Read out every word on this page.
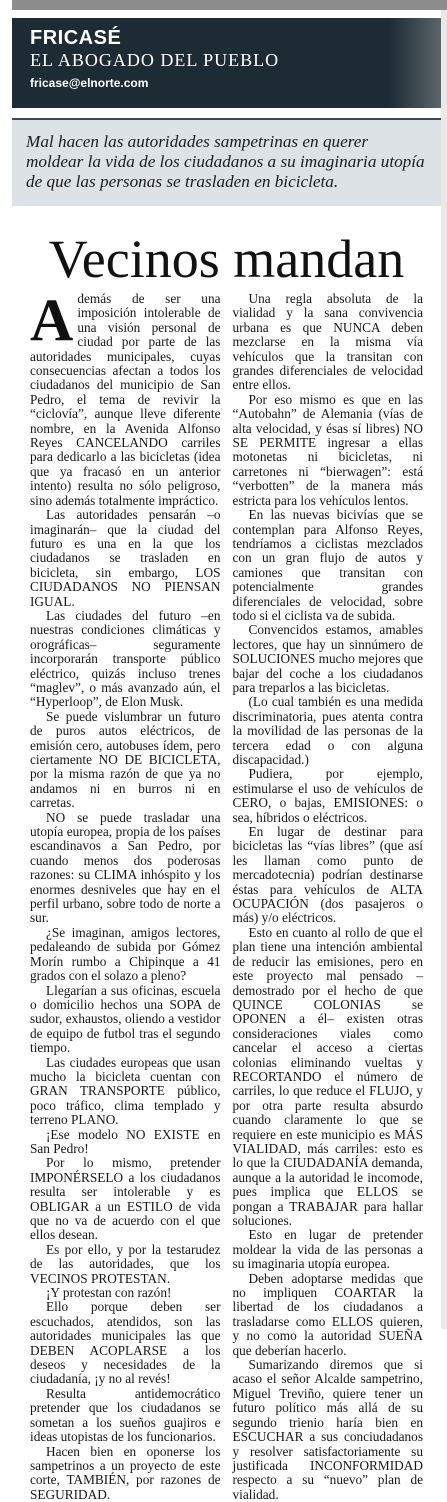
FRICASÉ
EL ABOGADO DEL PUEBLO
fricase@elnorte.com

Mal hacen las autoridades sampetrinas en querer moldear la vida de los ciudadanos a su imaginaria utopía de que las personas se trasladen en bicicleta.

Vecinos mandan

Además de ser una imposición intolerable de una visión personal de ciudad por parte de las autoridades municipales, cuyas consecuencias afectan a todos los ciudadanos del municipio de San Pedro, el tema de revivir la “ciclovía”, aunque lleve diferente nombre, en la Avenida Alfonso Reyes CANCELANDO carriles para dedicarlo a las bicicletas (idea que ya fracasó en un anterior intento) resulta no sólo peligroso, sino además totalmente impráctico.

Las autoridades pensarán –o imaginarán– que la ciudad del futuro es una en la que los ciudadanos se trasladen en bicicleta, sin embargo, LOS CIUDADANOS NO PIENSAN IGUAL.

Las ciudades del futuro –en nuestras condiciones climáticas y orográficas– seguramente incorporarán transporte público eléctrico, quizás incluso trenes “maglev”, o más avanzado aún, el “Hyperloop”, de Elon Musk.

Se puede vislumbrar un futuro de puros autos eléctricos, de emisión cero, autobuses ídem, pero ciertamente NO DE BICICLETA, por la misma razón de que ya no andamos ni en burros ni en carretas.

NO se puede trasladar una utopía europea, propia de los países escandinavos a San Pedro, por cuando menos dos poderosas razones: su CLIMA inhóspito y los enormes desniveles que hay en el perfil urbano, sobre todo de norte a sur.

¿Se imaginan, amigos lectores, pedaleando de subida por Gómez Morín rumbo a Chipinque a 41 grados con el solazo a pleno?

Llegarían a sus oficinas, escuela o domicilio hechos una SOPA de sudor, exhaustos, oliendo a vestidor de equipo de futbol tras el segundo tiempo.

Las ciudades europeas que usan mucho la bicicleta cuentan con GRAN TRANSPORTE público, poco tráfico, clima templado y terreno PLANO.

¡Ese modelo NO EXISTE en San Pedro!

Por lo mismo, pretender IMPONÉRSELO a los ciudadanos resulta ser intolerable y es OBLIGAR a un ESTILO de vida que no va de acuerdo con el que ellos desean.

Es por ello, y por la testarudez de las autoridades, que los VECINOS PROTESTAN.

¡Y protestan con razón!

Ello porque deben ser escuchados, atendidos, son las autoridades municipales las que DEBEN ACOPLARSE a los deseos y necesidades de la ciudadanía, ¡y no al revés!

Resulta antidemocrático pretender que los ciudadanos se sometan a los sueños guajiros e ideas utopistas de los funcionarios.

Hacen bien en oponerse los sampetrinos a un proyecto de este corte, TAMBIÉN, por razones de SEGURIDAD.

Una regla absoluta de la vialidad y la sana convivencia urbana es que NUNCA deben mezclarse en la misma vía vehículos que la transitan con grandes diferenciales de velocidad entre ellos.

Por eso mismo es que en las “Autobahn” de Alemania (vías de alta velocidad, y ésas sí libres) NO SE PERMITE ingresar a ellas motonetas ni bicicletas, ni carretones ni “bierwagen”: está “verbotten” de la manera más estricta para los vehículos lentos.

En las nuevas bicivías que se contemplan para Alfonso Reyes, tendríamos a ciclistas mezclados con un gran flujo de autos y camiones que transitan con potencialmente grandes diferenciales de velocidad, sobre todo si el ciclista va de subida.

Convencidos estamos, amables lectores, que hay un sinnúmero de SOLUCIONES mucho mejores que bajar del coche a los ciudadanos para treparlos a las bicicletas.

(Lo cual también es una medida discriminatoria, pues atenta contra la movilidad de las personas de la tercera edad o con alguna discapacidad.)

Pudiera, por ejemplo, estimularse el uso de vehículos de CERO, o bajas, EMISIONES: o sea, híbridos o eléctricos.

En lugar de destinar para bicicletas las “vías libres” (que así les llaman como punto de mercadotecnia) podrían destinarse éstas para vehículos de ALTA OCUPACIÓN (dos pasajeros o más) y/o eléctricos.

Esto en cuanto al rollo de que el plan tiene una intención ambiental de reducir las emisiones, pero en este proyecto mal pensado –demostrado por el hecho de que QUINCE COLONIAS se OPONEN a él– existen otras consideraciones viales como cancelar el acceso a ciertas colonias eliminando vueltas y RECORTANDO el número de carriles, lo que reduce el FLUJO, y por otra parte resulta absurdo cuando claramente lo que se requiere en este municipio es MÁS VIALIDAD, más carriles: esto es lo que la CIUDADANÍA demanda, aunque a la autoridad le incomode, pues implica que ELLOS se pongan a TRABAJAR para hallar soluciones.

Esto en lugar de pretender moldear la vida de las personas a su imaginaria utopía europea.

Deben adoptarse medidas que no impliquen COARTAR la libertad de los ciudadanos a trasladarse como ELLOS quieren, y no como la autoridad SUEÑA que deberían hacerlo.

Sumarizando diremos que si acaso el señor Alcalde sampetrino, Miguel Treviño, quiere tener un futuro político más allá de su segundo trienio haría bien en ESCUCHAR a sus conciudadanos y resolver satisfactoriamente su justificada INCONFORMIDAD respecto a su “nuevo” plan de vialidad.
